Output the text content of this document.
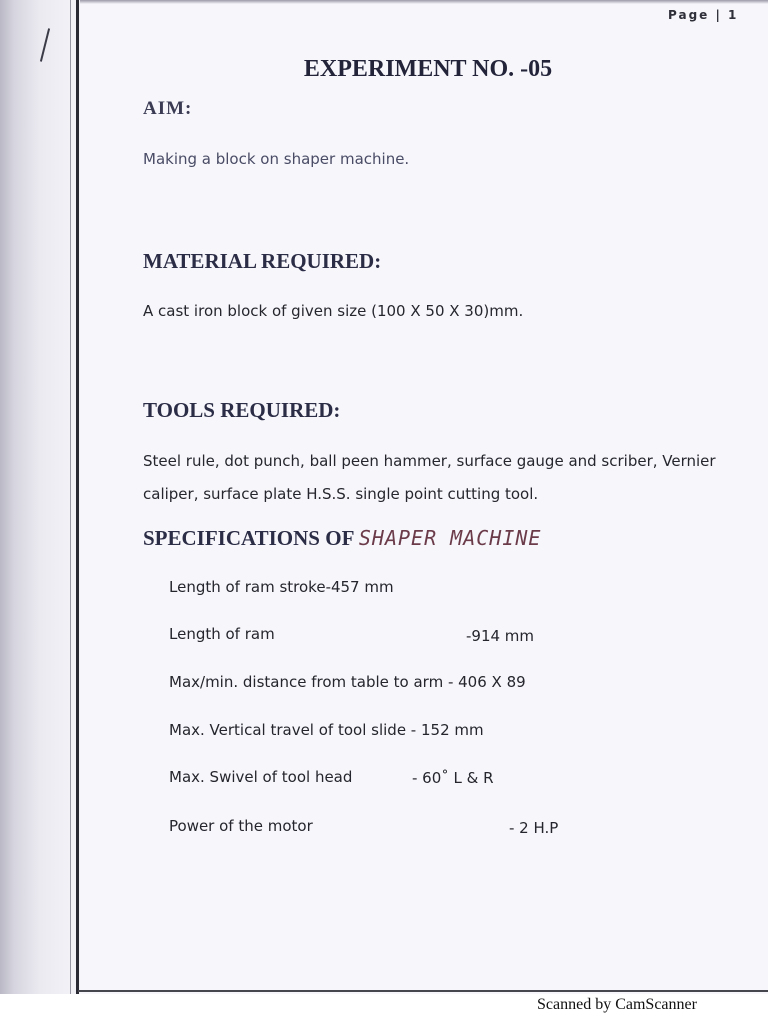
Page | 1
EXPERIMENT NO. -05
AIM:
Making a block on shaper machine.
MATERIAL REQUIRED:
A cast iron block of given size (100 X 50 X 30)mm.
TOOLS REQUIRED:
Steel rule, dot punch, ball peen hammer, surface gauge and scriber, Vernier
caliper, surface plate H.S.S. single point cutting tool.
SPECIFICATIONS OF SHAPER MACHINE
Length of ram stroke-457 mm
Length of ram	-914 mm
Max/min. distance from table to arm - 406 X 89
Max. Vertical travel of tool slide - 152 mm
Max. Swivel of tool head	- 60˚ L & R
Power of the motor	- 2 H.P
Scanned by CamScanner
